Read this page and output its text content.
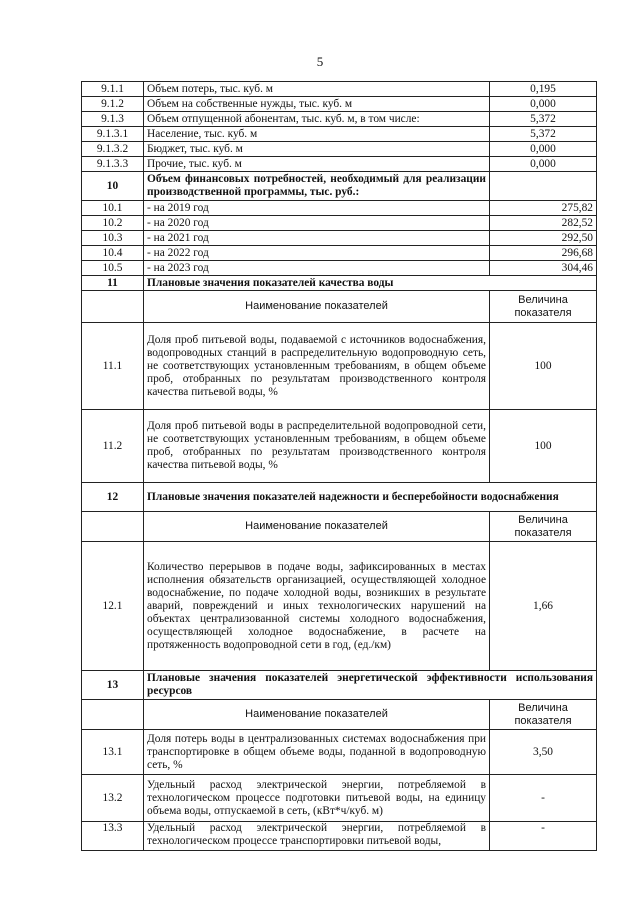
5
9.1.1	Объем потерь, тыс. куб. м	0,195
9.1.2	Объем на собственные нужды, тыс. куб. м	0,000
9.1.3	Объем отпущенной абонентам, тыс. куб. м, в том числе:	5,372
9.1.3.1	Население, тыс. куб. м	5,372
9.1.3.2	Бюджет, тыс. куб. м	0,000
9.1.3.3	Прочие, тыс. куб. м	0,000
10	Объем финансовых потребностей, необходимый для реализации производственной программы, тыс. руб.:	
10.1	- на 2019 год	275,82
10.2	- на 2020 год	282,52
10.3	- на 2021 год	292,50
10.4	- на 2022 год	296,68
10.5	- на 2023 год	304,46
11	Плановые значения показателей качества воды	
	Наименование показателей	Величина показателя
11.1	Доля проб питьевой воды, подаваемой с источников водоснабжения, водопроводных станций в распределительную водопроводную сеть, не соответствующих установленным требованиям, в общем объеме проб, отобранных по результатам производственного контроля качества питьевой воды, %	100
11.2	Доля проб питьевой воды в распределительной водопроводной сети, не соответствующих установленным требованиям, в общем объеме проб, отобранных по результатам производственного контроля качества питьевой воды, %	100
12	Плановые значения показателей надежности и бесперебойности водоснабжения	
	Наименование показателей	Величина показателя
12.1	Количество перерывов в подаче воды, зафиксированных в местах исполнения обязательств организацией, осуществляющей холодное водоснабжение, по подаче холодной воды, возникших в результате аварий, повреждений и иных технологических нарушений на объектах централизованной системы холодного водоснабжения, осуществляющей холодное водоснабжение, в расчете на протяженность водопроводной сети в год, (ед./км)	1,66
13	Плановые значения показателей энергетической эффективности использования ресурсов	
	Наименование показателей	Величина показателя
13.1	Доля потерь воды в централизованных системах водоснабжения при транспортировке в общем объеме воды, поданной в водопроводную сеть, %	3,50
13.2	Удельный расход электрической энергии, потребляемой в технологическом процессе подготовки питьевой воды, на единицу объема воды, отпускаемой в сеть, (кВт*ч/куб. м)	-
13.3	Удельный расход электрической энергии, потребляемой в технологическом процессе транспортировки питьевой воды,	-
